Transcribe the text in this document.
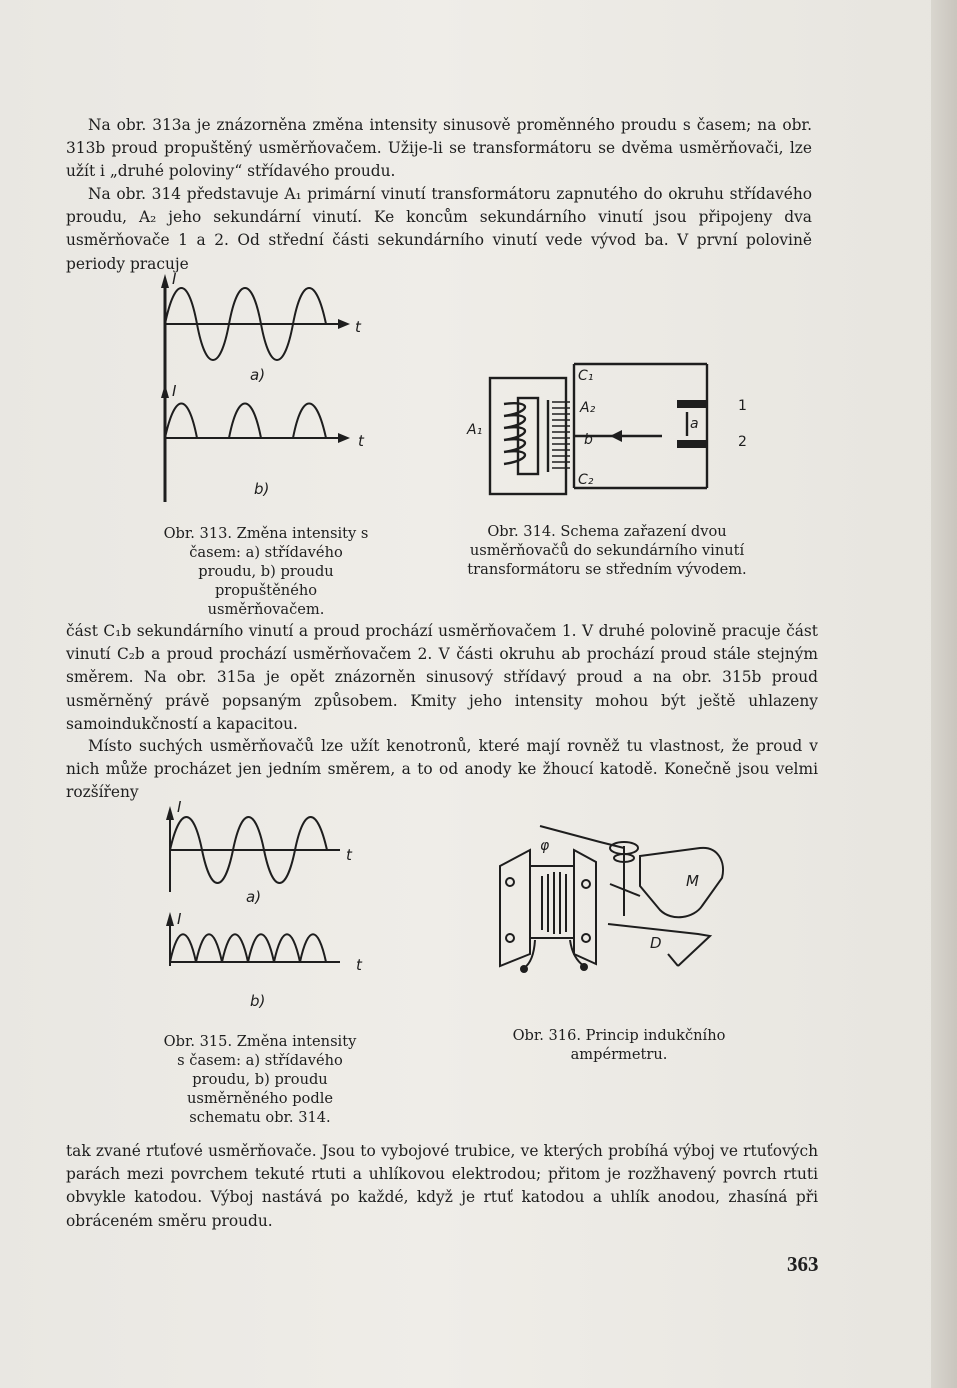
Na obr. 313a je znázorněna změna intensity sinusově proměnného proudu s časem; na obr. 313b proud propuštěný usměrňovačem. Užije-li se transformátoru se dvěma usměrňovači, lze užít i „druhé poloviny“ střídavého proudu.

Na obr. 314 představuje A₁ primární vinutí transformátoru zapnutého do okruhu střídavého proudu, A₂ jeho sekundární vinutí. Ke koncům sekundárního vinutí jsou připojeny dva usměrňovače 1 a 2. Od střední části sekundárního vinutí vede vývod ba. V první polovině periody pracuje

I
t
a)
I
t
b)
C₁
A₂
A₁
b
C₂
a
1
2

Obr. 313. Změna intensity s časem: a) střídavého proudu, b) proudu propuštěného usměrňovačem.

Obr. 314. Schema zařazení dvou usměrňovačů do sekundárního vinutí transformátoru se středním vývodem.

část C₁b sekundárního vinutí a proud prochází usměrňovačem 1. V druhé polovině pracuje část vinutí C₂b a proud prochází usměrňovačem 2. V části okruhu ab prochází proud stále stejným směrem. Na obr. 315a je opět znázorněn sinusový střídavý proud a na obr. 315b proud usměrněný právě popsaným způsobem. Kmity jeho intensity mohou být ještě uhlazeny samoindukčností a kapacitou.

Místo suchých usměrňovačů lze užít kenotronů, které mají rovněž tu vlastnost, že proud v nich může procházet jen jedním směrem, a to od anody ke žhoucí katodě. Konečně jsou velmi rozšířeny

I
t
a)
I
t
b)
φ
M
D

Obr. 315. Změna intensity s časem: a) střídavého proudu, b) proudu usměrněného podle schematu obr. 314.

Obr. 316. Princip indukčního ampérmetru.

tak zvané rtuťové usměrňovače. Jsou to vybojové trubice, ve kterých probíhá výboj ve rtuťových parách mezi povrchem tekuté rtuti a uhlíkovou elektrodou; přitom je rozžhavený povrch rtuti obvykle katodou. Výboj nastává po každé, když je rtuť katodou a uhlík anodou, zhasíná při obráceném směru proudu.

363
